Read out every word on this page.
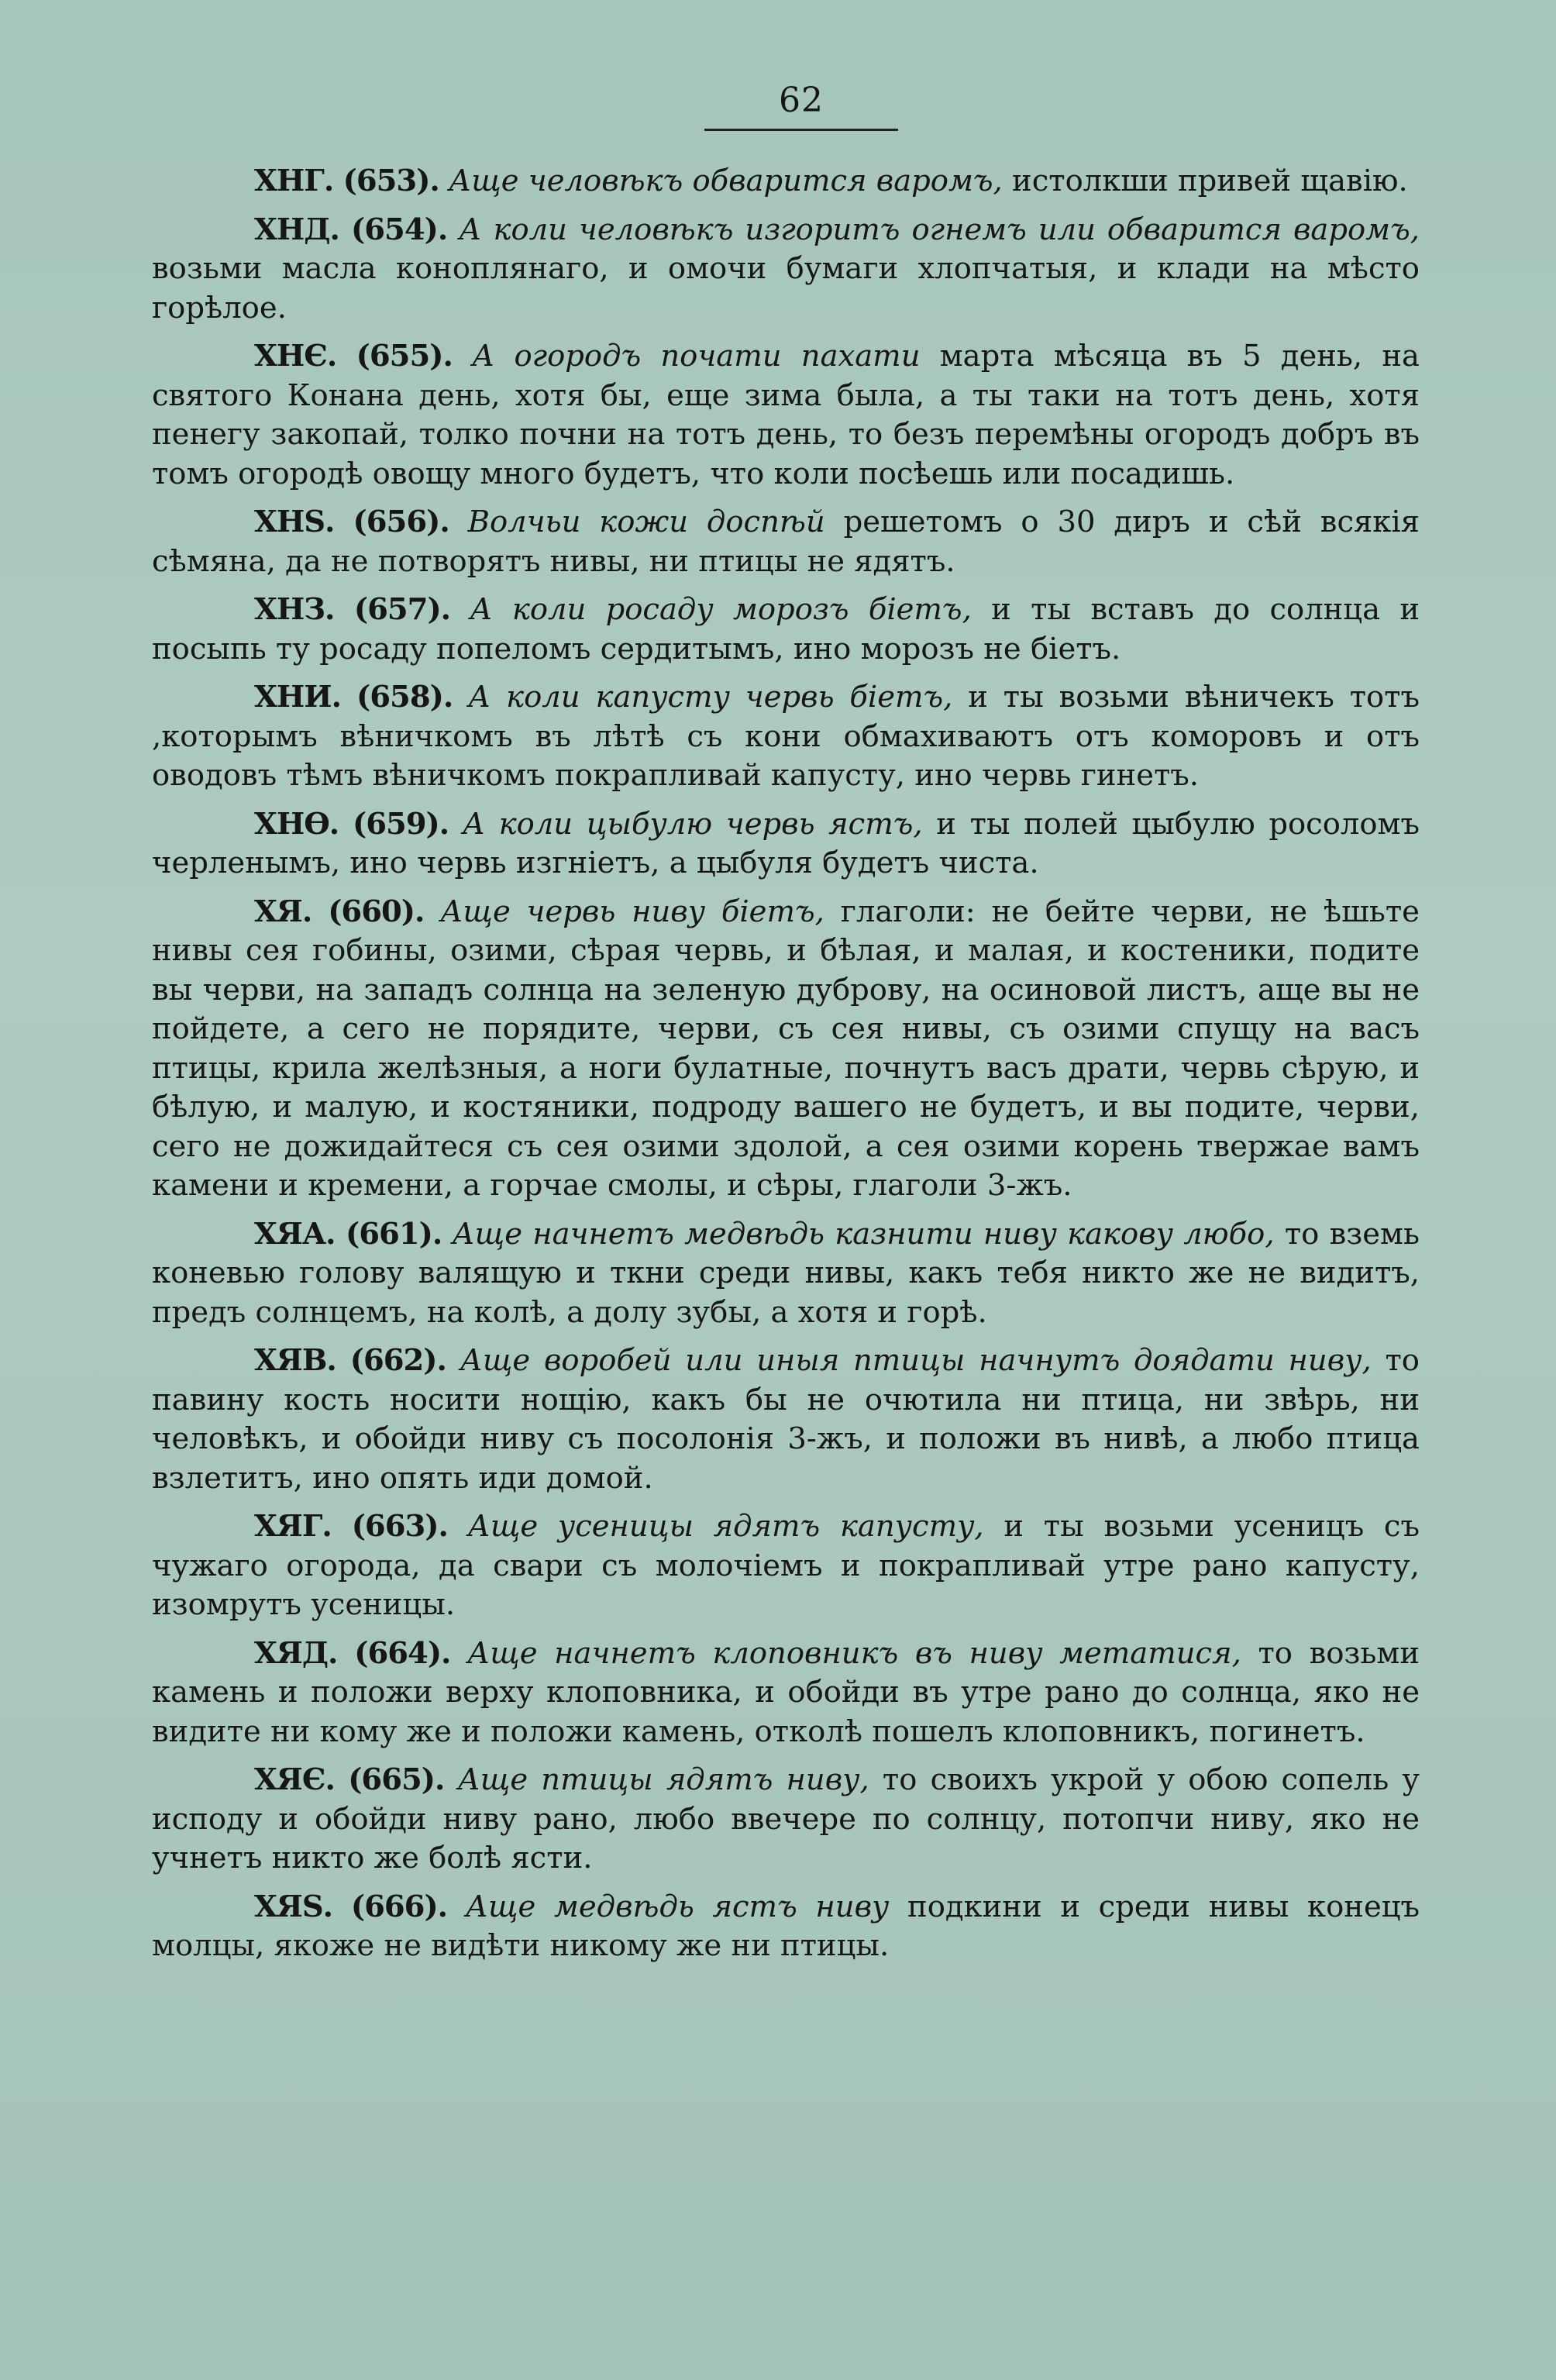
62

ХНГ. (653). Аще человѣкъ обварится варомъ, истолкши привей щавію.

ХНД. (654). А коли человѣкъ изгоритъ огнемъ или обварится варомъ, возьми масла коноплянаго, и омочи бумаги хлопчатыя, и клади на мѣсто горѣлое.

ХНЄ. (655). А огородъ почати пахати марта мѣсяца въ 5 день, на святого Конана день, хотя бы, еще зима была, а ты таки на тотъ день, хотя пенегу закопай, толко почни на тотъ день, то безъ перемѣны огородъ добръ въ томъ огородѣ овощу много будетъ, что коли посѣешь или посадишь.

ХНЅ. (656). Волчьи кожи доспѣй решетомъ о 30 диръ и сѣй всякія сѣмяна, да не потворятъ нивы, ни птицы не ядятъ.

ХНЗ. (657). А коли росаду морозъ біетъ, и ты вставъ до солнца и посыпь ту росаду попеломъ сердитымъ, ино морозъ не біетъ.

ХНИ. (658). А коли капусту червь біетъ, и ты возьми вѣничекъ тотъ ,которымъ вѣничкомъ въ лѣтѣ съ кони обмахиваютъ отъ коморовъ и отъ оводовъ тѣмъ вѣничкомъ покрапливай капусту, ино червь гинетъ.

ХНѲ. (659). А коли цыбулю червь ястъ, и ты полей цыбулю росоломъ черленымъ, ино червь изгніетъ, а цыбуля будетъ чиста.

ХЯ. (660). Аще червь ниву біетъ, глаголи: не бейте черви, не ѣшьте нивы сея гобины, озими, сѣрая червь, и бѣлая, и малая, и костеники, подите вы черви, на западъ солнца на зеленую дуброву, на осиновой листъ, аще вы не пойдете, а сего не порядите, черви, съ сея нивы, съ озими спущу на васъ птицы, крила желѣзныя, а ноги булатные, почнутъ васъ драти, червь сѣрую, и бѣлую, и малую, и костяники, подроду вашего не будетъ, и вы подите, черви, сего не дожидайтеся съ сея озими здолой, а сея озими корень твержае вамъ камени и кремени, а горчае смолы, и сѣры, глаголи 3-жъ.

ХЯА. (661). Аще начнетъ медвѣдь казнити ниву какову любо, то вземь коневью голову валящую и ткни среди нивы, какъ тебя никто же не видитъ, предъ солнцемъ, на колѣ, а долу зубы, а хотя и горѣ.

ХЯВ. (662). Аще воробей или иныя птицы начнутъ доядати ниву, то павину кость носити нощію, какъ бы не очютила ни птица, ни звѣрь, ни человѣкъ, и обойди ниву съ посолонія 3-жъ, и положи въ нивѣ, а любо птица взлетитъ, ино опять иди домой.

ХЯГ. (663). Аще усеницы ядятъ капусту, и ты возьми усеницъ съ чужаго огорода, да свари съ молочіемъ и покрапливай утре рано капусту, изомрутъ усеницы.

ХЯД. (664). Аще начнетъ клоповникъ въ ниву метатися, то возьми камень и положи верху клоповника, и обойди въ утре рано до солнца, яко не видите ни кому же и положи камень, отколѣ пошелъ клоповникъ, погинетъ.

ХЯЄ. (665). Аще птицы ядятъ ниву, то своихъ укрой у обою сопель у исподу и обойди ниву рано, любо ввечере по солнцу, потопчи ниву, яко не учнетъ никто же болѣ ясти.

ХЯЅ. (666). Аще медвѣдь ястъ ниву подкини и среди нивы конецъ молцы, якоже не видѣти никому же ни птицы.
